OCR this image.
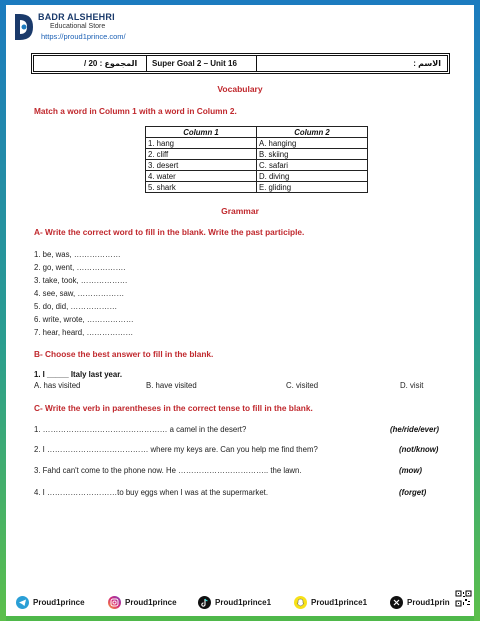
BADR ALSHEHRI
Educational Store
https://proud1prince.com/
المجموع : 20 / Super Goal 2 – Unit 16	الاسم :
Vocabulary
Match a word in Column 1 with a word in Column 2.
Column 1	Column 2
1. hang	A. hanging
2. cliff	B. skiing
3. desert	C. safari
4. water	D. diving
5. shark	E. gliding
Grammar
A- Write the correct word to fill in the blank. Write the past participle.
1. be, was, ………………
2. go, went, ……………….
3. take, took, ………………
4. see, saw, ………………
5. do, did, ………………
6. write, wrote, ………………
7. hear, heard, ………………
B- Choose the best answer to fill in the blank.
1. I _____ Italy last year.
A. has visited	B. have visited	C. visited	D. visit
C- Write the verb in parentheses in the correct tense to fill in the blank.
1. ………………………………………… a camel in the desert?	(he/ride/ever)
2. I ………………………………… where my keys are. Can you help me find them?	(not/know)
3. Fahd can't come to the phone now. He …………………………….. the lawn.	(mow)
4. I ………………………to buy eggs when I was at the supermarket.	(forget)
Proud1prince	Proud1prince	Proud1prince1	Proud1prince1	Proud1prin
